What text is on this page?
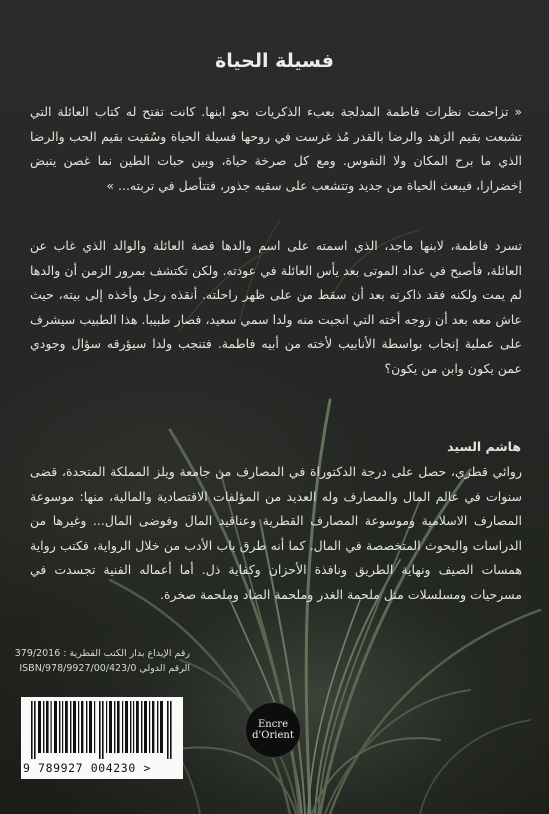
فسيلة الحياة

« تزاحمت نظرات فاطمة المدلجة بعبء الذكريات نحو ابنها. كانت تفتح له كتاب العائلة التي تشبعت بقيم الزهد والرضا بالقدر مُذ غرست في روحها فسيلة الحياة وسُقيت بقيم الحب والرضا الذي ما برح المكان ولا النفوس. ومع كل صرخة حياة، وبين حبات الطين نما غصن ينبض إخضرارا، فيبعث الحياة من جديد وتتشعب على سقيه جذور، فتتأصل في تربته... »

تسرد فاطمة، لابنها ماجد، الذي اسمته على اسم والدها قصة العائلة والوالد الذي غاب عن العائلة، فأصبح في عداد الموتى بعد يأس العائلة في عودته. ولكن تكتشف بمرور الزمن أن والدها لم يمت ولكنه فقد ذاكرته بعد أن سقط من على ظهر راحلته. أنقذه رجل وأخذه إلى بيته، حيث عاش معه بعد أن زوجه أخته التي انجبت منه ولدا سمي سعيد، فصار طبيبا. هذا الطبيب سيشرف على عملية إنجاب بواسطة الأنابيب لأخته من أبيه فاطمة. فتنجب ولدا سيؤرقه سؤال وجودي عمن يكون وابن من يكون؟

هاشم السيد

روائي قطري، حصل على درجة الدكتوراة في المصارف من جامعة ويلز المملكة المتحدة، قضى سنوات في عالم المال والمصارف وله العديد من المؤلفات الاقتصادية والمالية، منها: موسوعة المصارف الاسلامية وموسوعة المصارف القطرية وعناقيد المال وفوضى المال... وغيرها من الدراسات والبحوث المتخصصة في المال. كما أنه طرق باب الأدب من خلال الرواية، فكتب رواية همسات الصيف ونهاية الطريق ونافذة الأحزان وكفاية ذل. أما أعماله الفنية تجسدت في مسرحيات ومسلسلات مثل ملحمة الغدر وملحمة الضاد وملحمة صخرة.

رقم الإيداع بدار الكتب القطرية : 379/2016
الرقم الدولي ISBN/978/9927/00/423/0
9 789927 004230 >
Encre
d'Orient
